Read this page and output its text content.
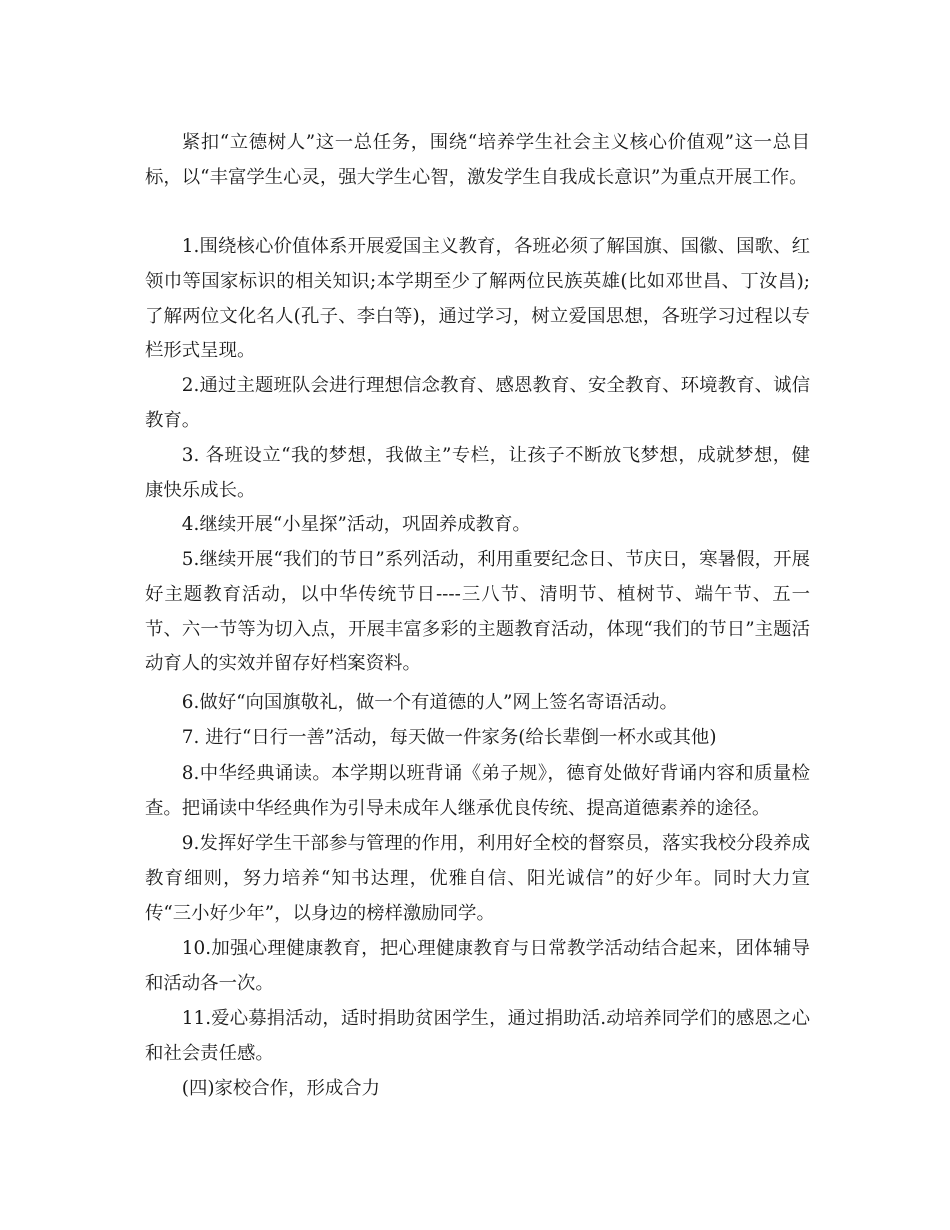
紧扣“立德树人”这一总任务，围绕“培养学生社会主义核心价值观”这一总目标，以“丰富学生心灵，强大学生心智，激发学生自我成长意识”为重点开展工作。

1.围绕核心价值体系开展爱国主义教育，各班必须了解国旗、国徽、国歌、红领巾等国家标识的相关知识;本学期至少了解两位民族英雄(比如邓世昌、丁汝昌);了解两位文化名人(孔子、李白等)，通过学习，树立爱国思想，各班学习过程以专栏形式呈现。

2.通过主题班队会进行理想信念教育、感恩教育、安全教育、环境教育、诚信教育。

3. 各班设立“我的梦想，我做主”专栏，让孩子不断放飞梦想，成就梦想，健康快乐成长。

4.继续开展“小星探”活动，巩固养成教育。

5.继续开展“我们的节日”系列活动，利用重要纪念日、节庆日，寒暑假，开展好主题教育活动，以中华传统节日----三八节、清明节、植树节、端午节、五一节、六一节等为切入点，开展丰富多彩的主题教育活动，体现“我们的节日”主题活动育人的实效并留存好档案资料。

6.做好“向国旗敬礼，做一个有道德的人”网上签名寄语活动。

7. 进行“日行一善”活动，每天做一件家务(给长辈倒一杯水或其他)

8.中华经典诵读。本学期以班背诵《弟子规》，德育处做好背诵内容和质量检查。把诵读中华经典作为引导未成年人继承优良传统、提高道德素养的途径。

9.发挥好学生干部参与管理的作用，利用好全校的督察员，落实我校分段养成教育细则，努力培养“知书达理，优雅自信、阳光诚信”的好少年。同时大力宣传“三小好少年”，以身边的榜样激励同学。

10.加强心理健康教育，把心理健康教育与日常教学活动结合起来，团体辅导和活动各一次。

11.爱心募捐活动，适时捐助贫困学生，通过捐助活.动培养同学们的感恩之心和社会责任感。

(四)家校合作，形成合力
